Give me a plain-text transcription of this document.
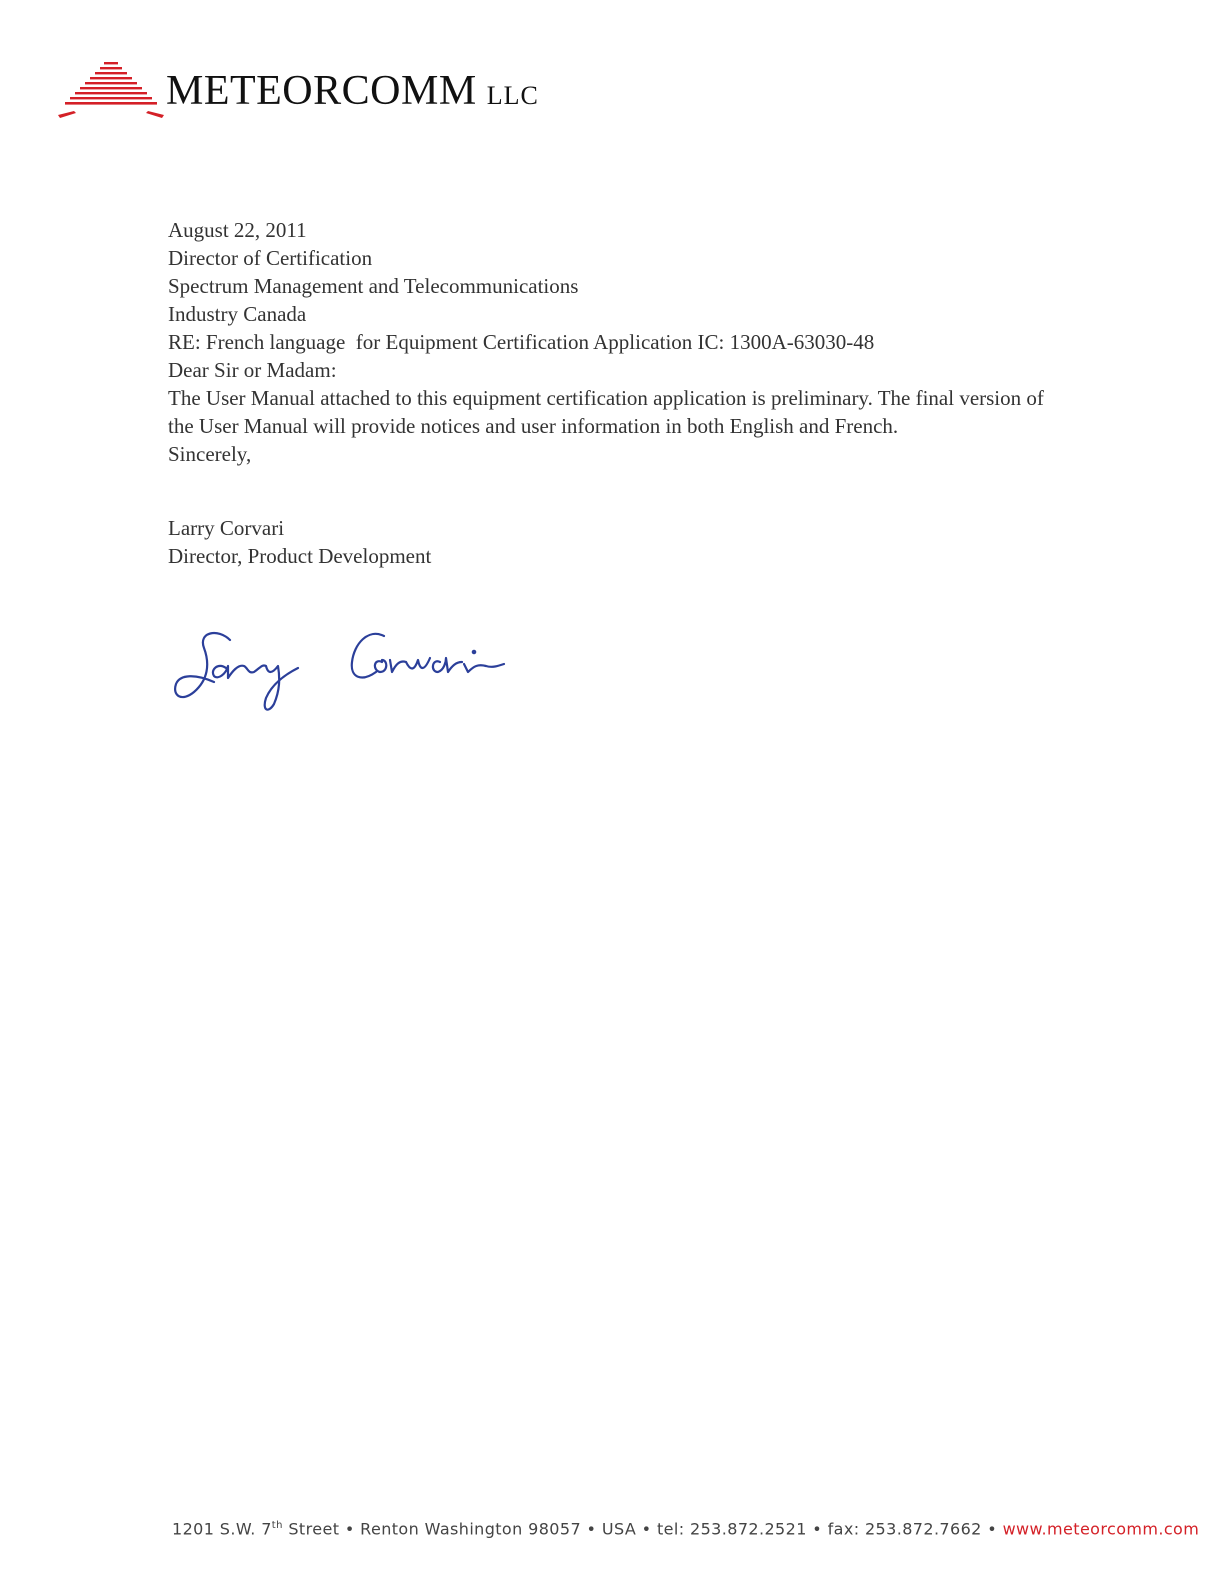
METEORCOMM LLC

August 22, 2011

Director of Certification
Spectrum Management and Telecommunications
Industry Canada

RE: French language  for Equipment Certification Application IC: 1300A-63030-48

Dear Sir or Madam:

The User Manual attached to this equipment certification application is preliminary. The final version of the User Manual will provide notices and user information in both English and French.

Sincerely,

Larry Corvari
Director, Product Development
1201 S.W. 7th Street • Renton Washington 98057 • USA • tel: 253.872.2521 • fax: 253.872.7662 • www.meteorcomm.com
